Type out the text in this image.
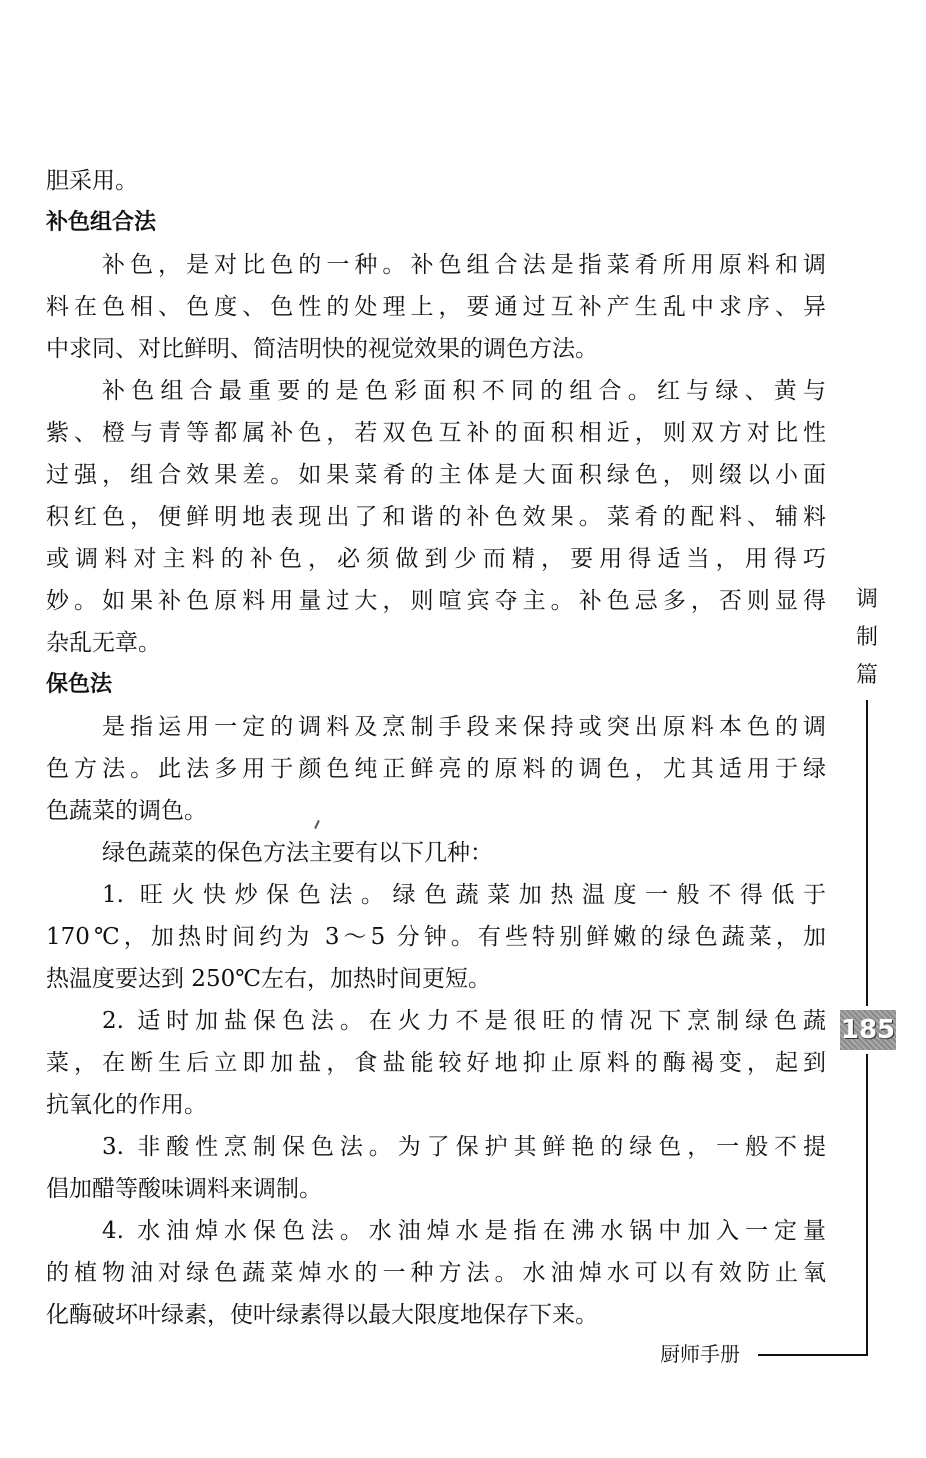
胆采用。
补色组合法
补色，是对比色的一种。补色组合法是指菜肴所用原料和调
料在色相、色度、色性的处理上，要通过互补产生乱中求序、异
中求同、对比鲜明、简洁明快的视觉效果的调色方法。
补色组合最重要的是色彩面积不同的组合。红与绿、黄与
紫、橙与青等都属补色，若双色互补的面积相近，则双方对比性
过强，组合效果差。如果菜肴的主体是大面积绿色，则缀以小面
积红色，便鲜明地表现出了和谐的补色效果。菜肴的配料、辅料
或调料对主料的补色，必须做到少而精，要用得适当，用得巧
妙。如果补色原料用量过大，则喧宾夺主。补色忌多，否则显得
杂乱无章。
保色法
是指运用一定的调料及烹制手段来保持或突出原料本色的调
色方法。此法多用于颜色纯正鲜亮的原料的调色，尤其适用于绿
色蔬菜的调色。
绿色蔬菜的保色方法主要有以下几种：
1. 旺火快炒保色法。绿色蔬菜加热温度一般不得低于
170℃，加热时间约为 3～5 分钟。有些特别鲜嫩的绿色蔬菜，加
热温度要达到 250℃左右，加热时间更短。
2. 适时加盐保色法。在火力不是很旺的情况下烹制绿色蔬
菜，在断生后立即加盐，食盐能较好地抑止原料的酶褐变，起到
抗氧化的作用。
3. 非酸性烹制保色法。为了保护其鲜艳的绿色，一般不提
倡加醋等酸味调料来调制。
4. 水油焯水保色法。水油焯水是指在沸水锅中加入一定量
的植物油对绿色蔬菜焯水的一种方法。水油焯水可以有效防止氧
化酶破坏叶绿素，使叶绿素得以最大限度地保存下来。
调
制
篇
185
厨师手册
